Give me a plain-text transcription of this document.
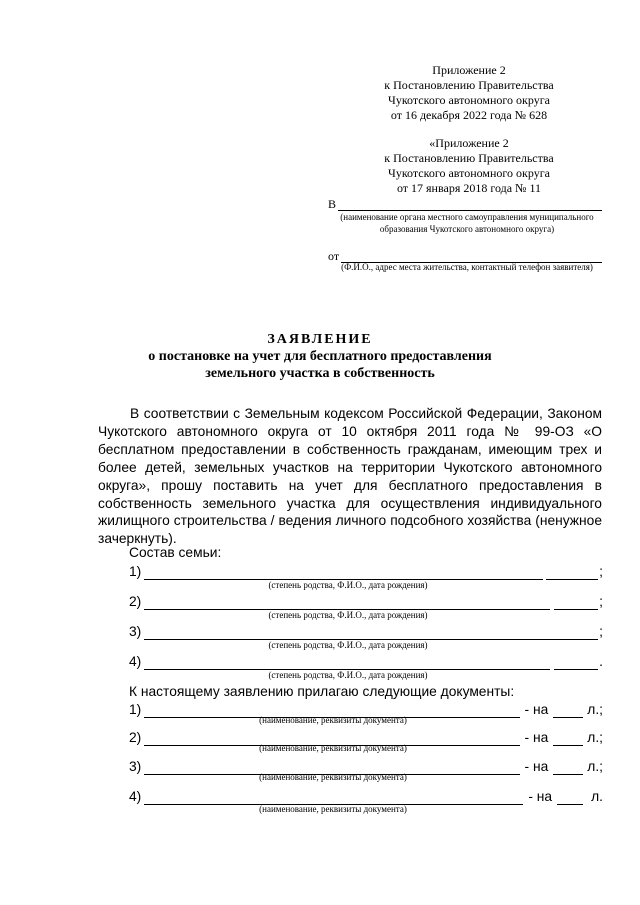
Приложение 2
к Постановлению Правительства
Чукотского автономного округа
от 16 декабря 2022 года № 628
«Приложение 2
к Постановлению Правительства
Чукотского автономного округа
от 17 января 2018 года № 11
В
(наименование органа местного самоуправления муниципального образования Чукотского автономного округа)
от
(Ф.И.О., адрес места жительства, контактный телефон заявителя)
ЗАЯВЛЕНИЕ
о постановке на учет для бесплатного предоставления
земельного участка в собственность
В соответствии с Земельным кодексом Российской Федерации, Законом Чукотского автономного округа от 10 октября 2011 года № 99-ОЗ «О бесплатном предоставлении в собственность гражданам, имеющим трех и более детей, земельных участков на территории Чукотского автономного округа», прошу поставить на учет для бесплатного предоставления в собственность земельного участка для осуществления индивидуального жилищного строительства / ведения личного подсобного хозяйства (ненужное зачеркнуть).
Состав семьи:
1)	;
(степень родства, Ф.И.О., дата рождения)
2)	;
(степень родства, Ф.И.О., дата рождения)
3)	;
(степень родства, Ф.И.О., дата рождения)
4)	.
(степень родства, Ф.И.О., дата рождения)
К настоящему заявлению прилагаю следующие документы:
1)	- на	л.;
(наименование, реквизиты документа)
2)	- на	л.;
(наименование, реквизиты документа)
3)	- на	л.;
(наименование, реквизиты документа)
4)	- на	л.
(наименование, реквизиты документа)
